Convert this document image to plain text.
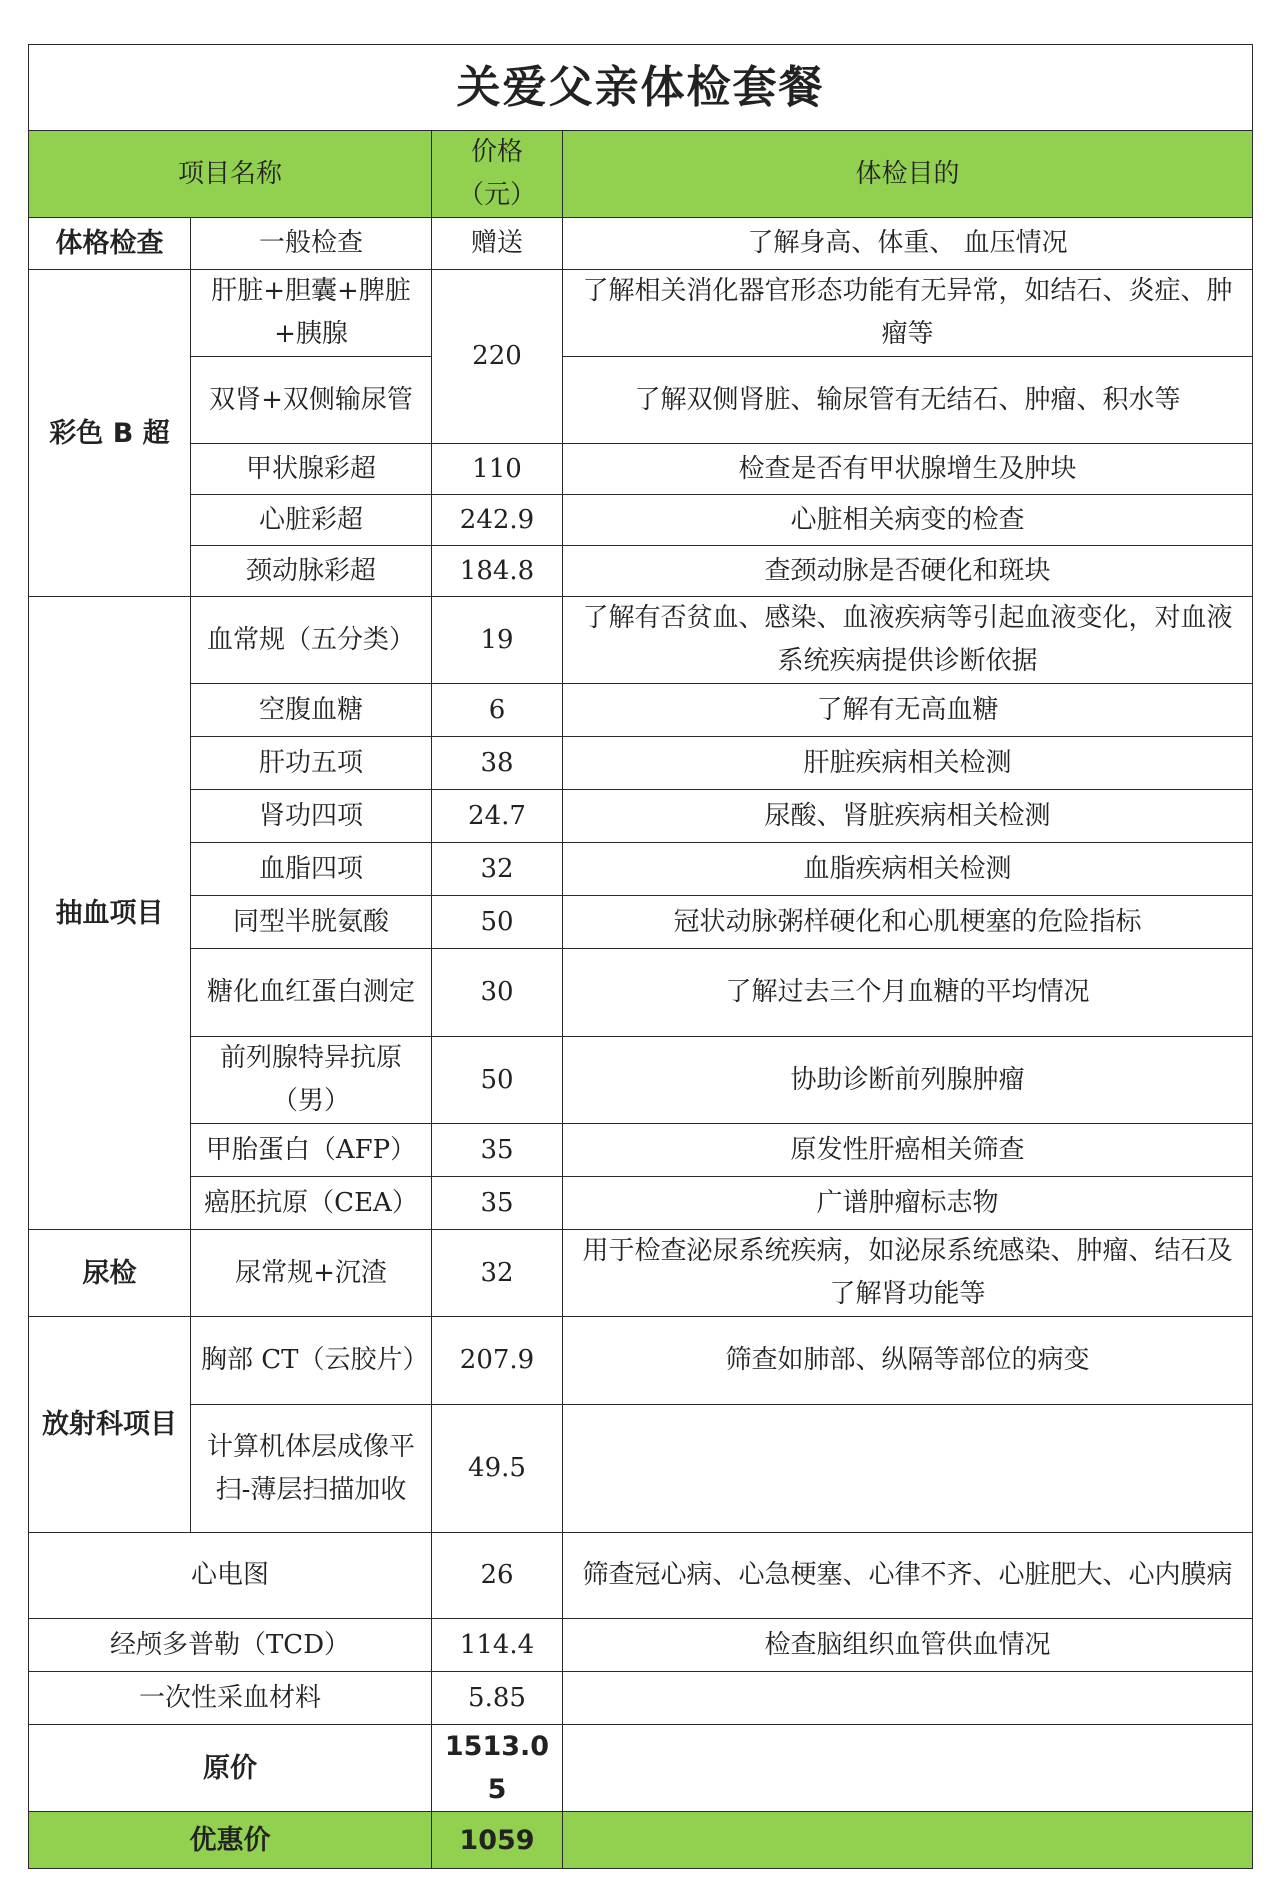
关爱父亲体检套餐			
项目名称		价格（元）	体检目的
体格检查	一般检查	赠送	了解身高、体重、 血压情况
彩色 B 超	肝脏+胆囊+脾脏+胰腺	220	了解相关消化器官形态功能有无异常，如结石、炎症、肿瘤等
	双肾+双侧输尿管		了解双侧肾脏、输尿管有无结石、肿瘤、积水等
	甲状腺彩超	110	检查是否有甲状腺增生及肿块
	心脏彩超	242.9	心脏相关病变的检查
	颈动脉彩超	184.8	查颈动脉是否硬化和斑块
抽血项目	血常规（五分类）	19	了解有否贫血、感染、血液疾病等引起血液变化，对血液系统疾病提供诊断依据
	空腹血糖	6	了解有无高血糖
	肝功五项	38	肝脏疾病相关检测
	肾功四项	24.7	尿酸、肾脏疾病相关检测
	血脂四项	32	血脂疾病相关检测
	同型半胱氨酸	50	冠状动脉粥样硬化和心肌梗塞的危险指标
	糖化血红蛋白测定	30	了解过去三个月血糖的平均情况
	前列腺特异抗原（男）	50	协助诊断前列腺肿瘤
	甲胎蛋白（AFP）	35	原发性肝癌相关筛查
	癌胚抗原（CEA）	35	广谱肿瘤标志物
尿检	尿常规+沉渣	32	用于检查泌尿系统疾病，如泌尿系统感染、肿瘤、结石及了解肾功能等
放射科项目	胸部 CT（云胶片）	207.9	筛查如肺部、纵隔等部位的病变
	计算机体层成像平扫-薄层扫描加收	49.5	
心电图		26	筛查冠心病、心急梗塞、心律不齐、心脏肥大、心内膜病
经颅多普勒（TCD）		114.4	检查脑组织血管供血情况
一次性采血材料		5.85	
原价		1513.05	
优惠价		1059	
